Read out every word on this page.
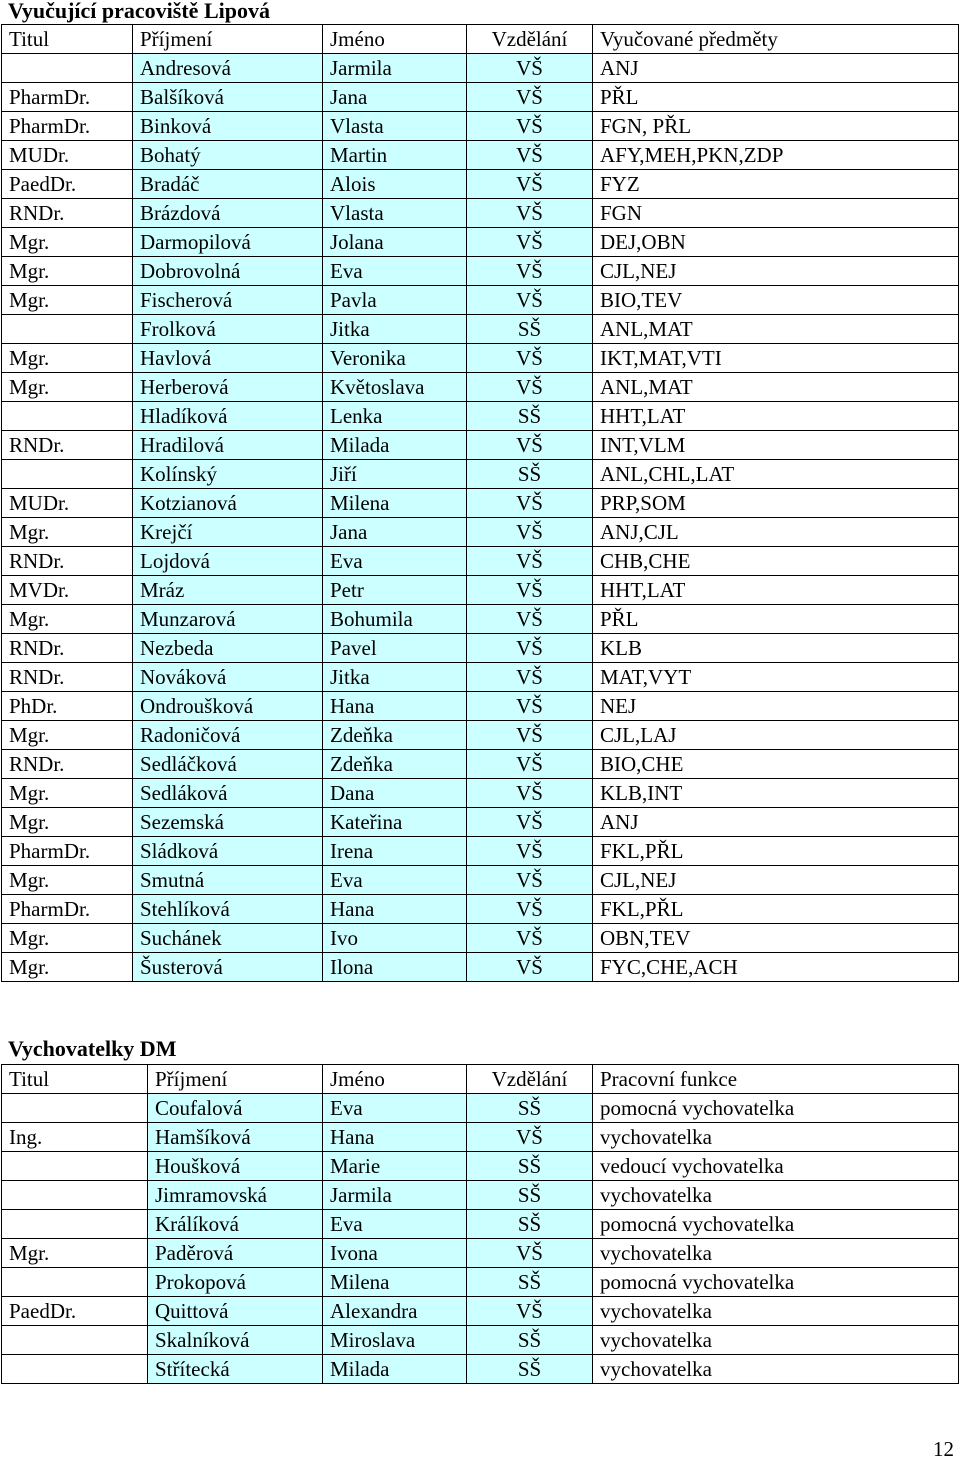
Vyučující pracoviště Lipová
Titul	Příjmení	Jméno	Vzdělání	Vyučované předměty
	Andresová	Jarmila	VŠ	ANJ
PharmDr.	Balšíková	Jana	VŠ	PŘL
PharmDr.	Binková	Vlasta	VŠ	FGN, PŘL
MUDr.	Bohatý	Martin	VŠ	AFY,MEH,PKN,ZDP
PaedDr.	Bradáč	Alois	VŠ	FYZ
RNDr.	Brázdová	Vlasta	VŠ	FGN
Mgr.	Darmopilová	Jolana	VŠ	DEJ,OBN
Mgr.	Dobrovolná	Eva	VŠ	CJL,NEJ
Mgr.	Fischerová	Pavla	VŠ	BIO,TEV
	Frolková	Jitka	SŠ	ANL,MAT
Mgr.	Havlová	Veronika	VŠ	IKT,MAT,VTI
Mgr.	Herberová	Květoslava	VŠ	ANL,MAT
	Hladíková	Lenka	SŠ	HHT,LAT
RNDr.	Hradilová	Milada	VŠ	INT,VLM
	Kolínský	Jiří	SŠ	ANL,CHL,LAT
MUDr.	Kotzianová	Milena	VŠ	PRP,SOM
Mgr.	Krejčí	Jana	VŠ	ANJ,CJL
RNDr.	Lojdová	Eva	VŠ	CHB,CHE
MVDr.	Mráz	Petr	VŠ	HHT,LAT
Mgr.	Munzarová	Bohumila	VŠ	PŘL
RNDr.	Nezbeda	Pavel	VŠ	KLB
RNDr.	Nováková	Jitka	VŠ	MAT,VYT
PhDr.	Ondroušková	Hana	VŠ	NEJ
Mgr.	Radoničová	Zdeňka	VŠ	CJL,LAJ
RNDr.	Sedláčková	Zdeňka	VŠ	BIO,CHE
Mgr.	Sedláková	Dana	VŠ	KLB,INT
Mgr.	Sezemská	Kateřina	VŠ	ANJ
PharmDr.	Sládková	Irena	VŠ	FKL,PŘL
Mgr.	Smutná	Eva	VŠ	CJL,NEJ
PharmDr.	Stehlíková	Hana	VŠ	FKL,PŘL
Mgr.	Suchánek	Ivo	VŠ	OBN,TEV
Mgr.	Šusterová	Ilona	VŠ	FYC,CHE,ACH
Vychovatelky DM
Titul	Příjmení	Jméno	Vzdělání	Pracovní funkce
	Coufalová	Eva	SŠ	pomocná vychovatelka
Ing.	Hamšíková	Hana	VŠ	vychovatelka
	Houšková	Marie	SŠ	vedoucí vychovatelka
	Jimramovská	Jarmila	SŠ	vychovatelka
	Králíková	Eva	SŠ	pomocná vychovatelka
Mgr.	Paděrová	Ivona	VŠ	vychovatelka
	Prokopová	Milena	SŠ	pomocná vychovatelka
PaedDr.	Quittová	Alexandra	VŠ	vychovatelka
	Skalníková	Miroslava	SŠ	vychovatelka
	Střítecká	Milada	SŠ	vychovatelka
12
